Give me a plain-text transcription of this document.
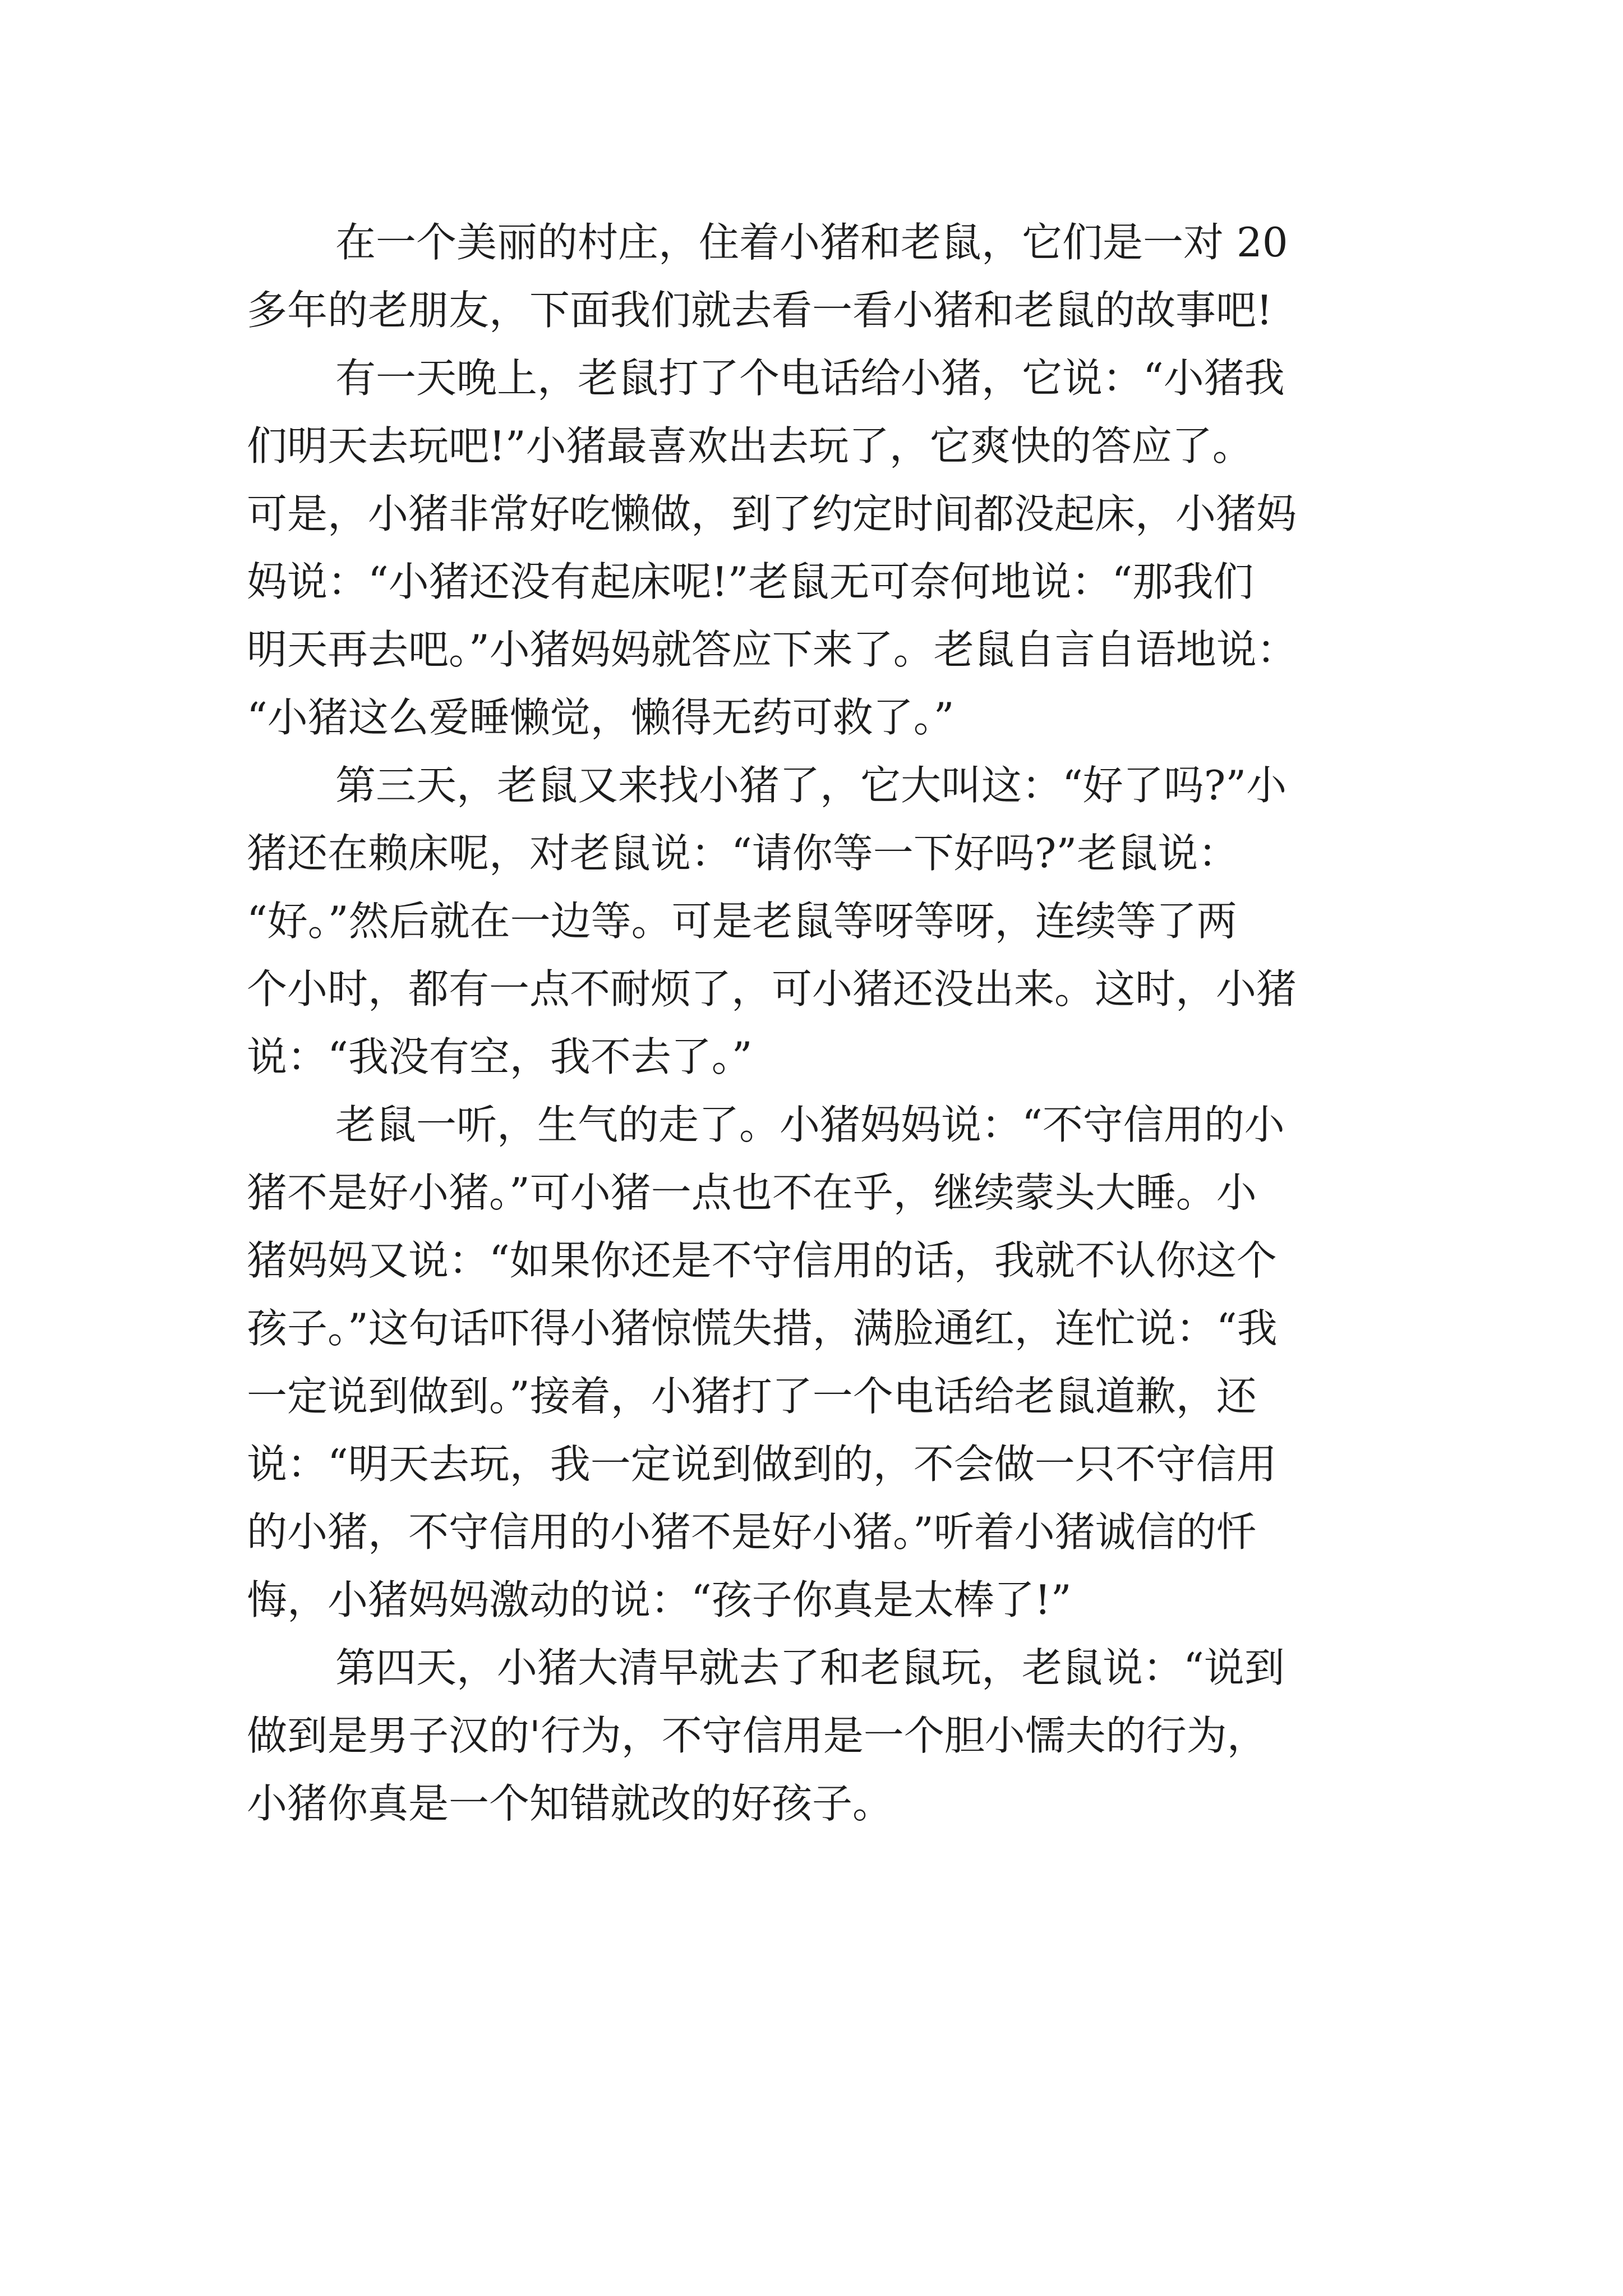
在一个美丽的村庄，住着小猪和老鼠，它们是一对 20
多年的老朋友，下面我们就去看一看小猪和老鼠的故事吧!

有一天晚上，老鼠打了个电话给小猪，它说：“小猪我
们明天去玩吧!”小猪最喜欢出去玩了，它爽快的答应了。
可是，小猪非常好吃懒做，到了约定时间都没起床，小猪妈
妈说：“小猪还没有起床呢!”老鼠无可奈何地说：“那我们
明天再去吧。”小猪妈妈就答应下来了。老鼠自言自语地说：
“小猪这么爱睡懒觉，懒得无药可救了。”

第三天，老鼠又来找小猪了，它大叫这：“好了吗?”小
猪还在赖床呢，对老鼠说：“请你等一下好吗?”老鼠说：
“好。”然后就在一边等。可是老鼠等呀等呀，连续等了两
个小时，都有一点不耐烦了，可小猪还没出来。这时，小猪
说：“我没有空，我不去了。”

老鼠一听，生气的走了。小猪妈妈说：“不守信用的小
猪不是好小猪。”可小猪一点也不在乎，继续蒙头大睡。小
猪妈妈又说：“如果你还是不守信用的话，我就不认你这个
孩子。”这句话吓得小猪惊慌失措，满脸通红，连忙说：“我
一定说到做到。”接着，小猪打了一个电话给老鼠道歉，还
说：“明天去玩，我一定说到做到的，不会做一只不守信用
的小猪，不守信用的小猪不是好小猪。”听着小猪诚信的忏
悔，小猪妈妈激动的说：“孩子你真是太棒了!”

第四天，小猪大清早就去了和老鼠玩，老鼠说：“说到
做到是男子汉的'行为，不守信用是一个胆小懦夫的行为，
小猪你真是一个知错就改的好孩子。
